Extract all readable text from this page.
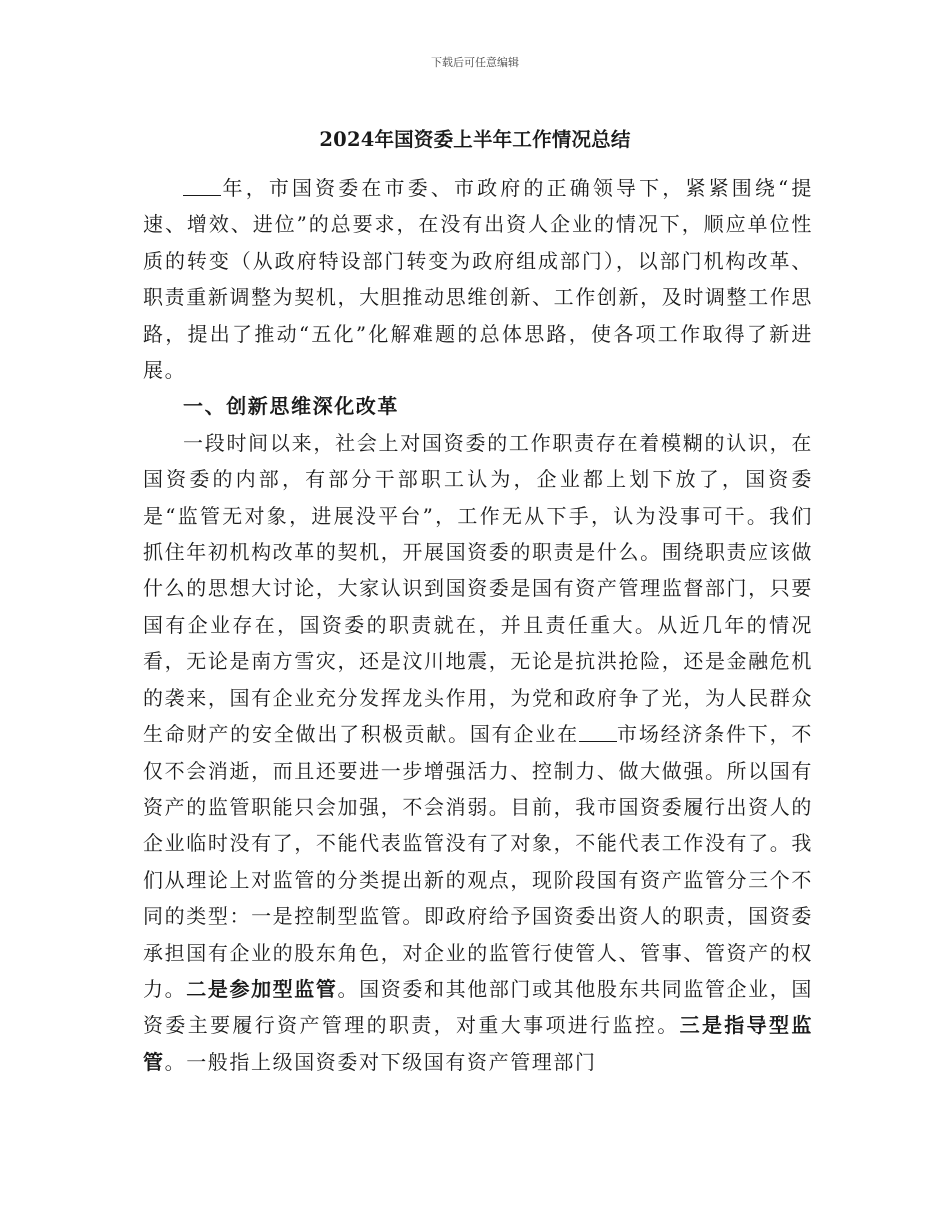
下载后可任意编辑
2024年国资委上半年工作情况总结

年，市国资委在市委、市政府的正确领导下，紧紧围绕“提速、增效、进位”的总要求，在没有出资人企业的情况下，顺应单位性质的转变（从政府特设部门转变为政府组成部门），以部门机构改革、职责重新调整为契机，大胆推动思维创新、工作创新，及时调整工作思路，提出了推动“五化”化解难题的总体思路，使各项工作取得了新进展。

一、创新思维深化改革

一段时间以来，社会上对国资委的工作职责存在着模糊的认识，在国资委的内部，有部分干部职工认为，企业都上划下放了，国资委是“监管无对象，进展没平台”，工作无从下手，认为没事可干。我们抓住年初机构改革的契机，开展国资委的职责是什么。围绕职责应该做什么的思想大讨论，大家认识到国资委是国有资产管理监督部门，只要国有企业存在，国资委的职责就在，并且责任重大。从近几年的情况看，无论是南方雪灾，还是汶川地震，无论是抗洪抢险，还是金融危机的袭来，国有企业充分发挥龙头作用，为党和政府争了光，为人民群众生命财产的安全做出了积极贡献。国有企业在 市场经济条件下，不仅不会消逝，而且还要进一步增强活力、控制力、做大做强。所以国有资产的监管职能只会加强，不会消弱。目前，我市国资委履行出资人的企业临时没有了，不能代表监管没有了对象，不能代表工作没有了。我们从理论上对监管的分类提出新的观点，现阶段国有资产监管分三个不同的类型：一是控制型监管。即政府给予国资委出资人的职责，国资委承担国有企业的股东角色，对企业的监管行使管人、管事、管资产的权力。二是参加型监管。国资委和其他部门或其他股东共同监管企业，国资委主要履行资产管理的职责，对重大事项进行监控。三是指导型监管。一般指上级国资委对下级国有资产管理部门
